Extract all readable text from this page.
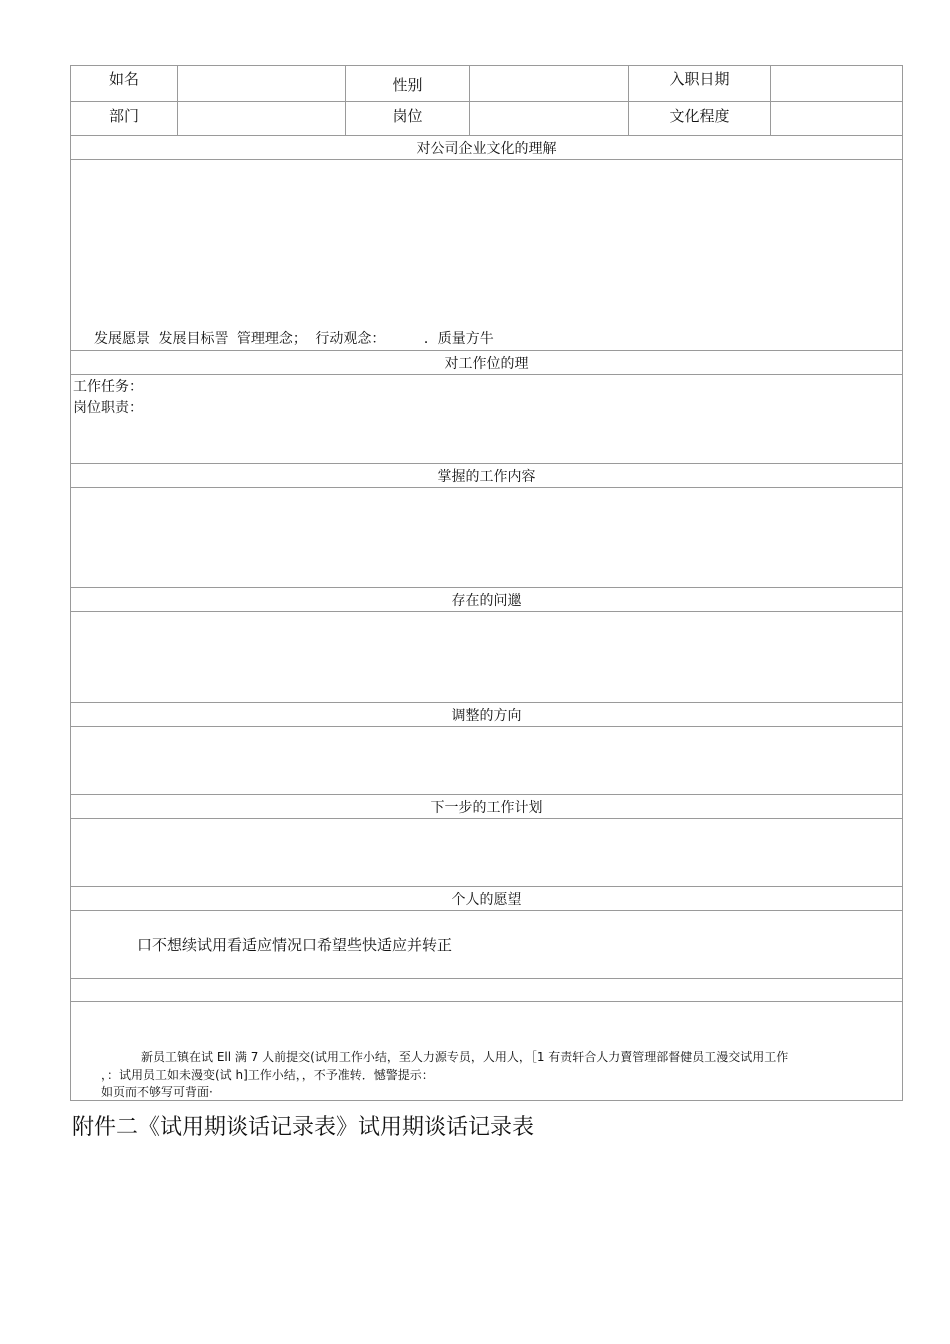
如名		性别		入职日期	
部门		岗位		文化程度	
对公司企业文化的理解					

发展愿景 发展目标詈 管理理念； 行动观念： ．质量方牛					

对工作位的理					

工作任务：
岗位职责：					

掌握的工作内容					

存在的问邋					

调整的方向					

下一步的工作计划					

个人的愿望					

口不想续试用看适应情况口希望些快适应并转正					

新员工镇在试 Ell 满 7 人前提交(试用工作小结，至人力源专员，人用人，［1 有责轩合人力賣管理部督健员工漫交试用工作
，：试用员工如未漫变(试 h]工作小结，，不予准转．憾警提示：
如页而不够写可背面·					
附件二《试用期谈话记录表》试用期谈话记录表
